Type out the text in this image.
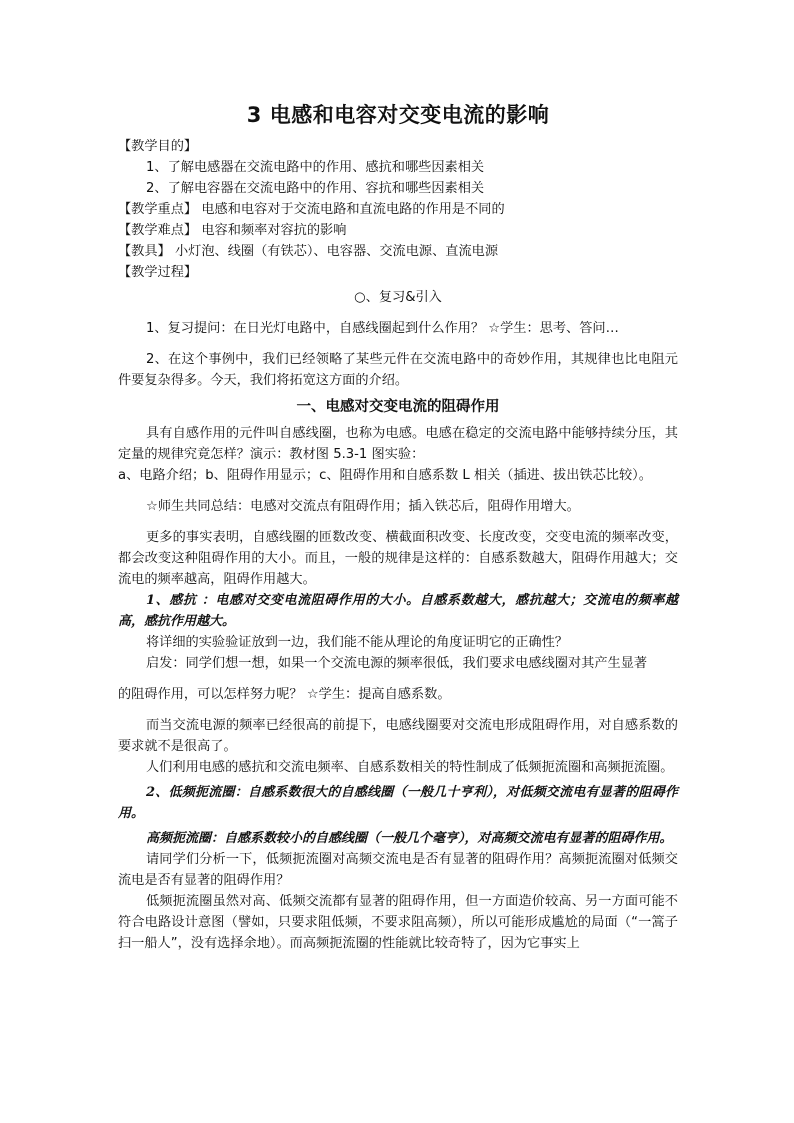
3 电感和电容对交变电流的影响

【教学目的】

1、了解电感器在交流电路中的作用、感抗和哪些因素相关

2、了解电容器在交流电路中的作用、容抗和哪些因素相关

【教学重点】 电感和电容对于交流电路和直流电路的作用是不同的

【教学难点】 电容和频率对容抗的影响

【教具】 小灯泡、线圈（有铁芯）、电容器、交流电源、直流电源

【教学过程】

○、复习&引入

1、复习提问：在日光灯电路中，自感线圈起到什么作用？ ☆学生：思考、答问…

2、在这个事例中，我们已经领略了某些元件在交流电路中的奇妙作用，其规律也比电阻元件要复杂得多。今天，我们将拓宽这方面的介绍。

一、电感对交变电流的阻碍作用

具有自感作用的元件叫自感线圈，也称为电感。电感在稳定的交流电路中能够持续分压，其定量的规律究竟怎样？演示：教材图 5.3-1 图实验：

a、电路介绍；b、阻碍作用显示；c、阻碍作用和自感系数 L 相关（插进、拔出铁芯比较）。

☆师生共同总结：电感对交流点有阻碍作用；插入铁芯后，阻碍作用增大。

更多的事实表明，自感线圈的匝数改变、横截面积改变、长度改变，交变电流的频率改变，都会改变这种阻碍作用的大小。而且，一般的规律是这样的：自感系数越大，阻碍作用越大；交流电的频率越高，阻碍作用越大。

1、感抗 ：电感对交变电流阻碍作用的大小。自感系数越大，感抗越大；交流电的频率越高，感抗作用越大。

将详细的实验验证放到一边，我们能不能从理论的角度证明它的正确性？

启发：同学们想一想，如果一个交流电源的频率很低，我们要求电感线圈对其产生显著

的阻碍作用，可以怎样努力呢？ ☆学生：提高自感系数。

而当交流电源的频率已经很高的前提下，电感线圈要对交流电形成阻碍作用，对自感系数的要求就不是很高了。

人们利用电感的感抗和交流电频率、自感系数相关的特性制成了低频扼流圈和高频扼流圈。

2、低频扼流圈：自感系数很大的自感线圈（一般几十亨利），对低频交流电有显著的阻碍作用。

高频扼流圈：自感系数较小的自感线圈（一般几个毫亨），对高频交流电有显著的阻碍作用。

请同学们分析一下，低频扼流圈对高频交流电是否有显著的阻碍作用？高频扼流圈对低频交流电是否有显著的阻碍作用？

低频扼流圈虽然对高、低频交流都有显著的阻碍作用，但一方面造价较高、另一方面可能不符合电路设计意图（譬如，只要求阻低频，不要求阻高频），所以可能形成尴尬的局面（“一篙子扫一船人”，没有选择余地）。而高频扼流圈的性能就比较奇特了，因为它事实上
